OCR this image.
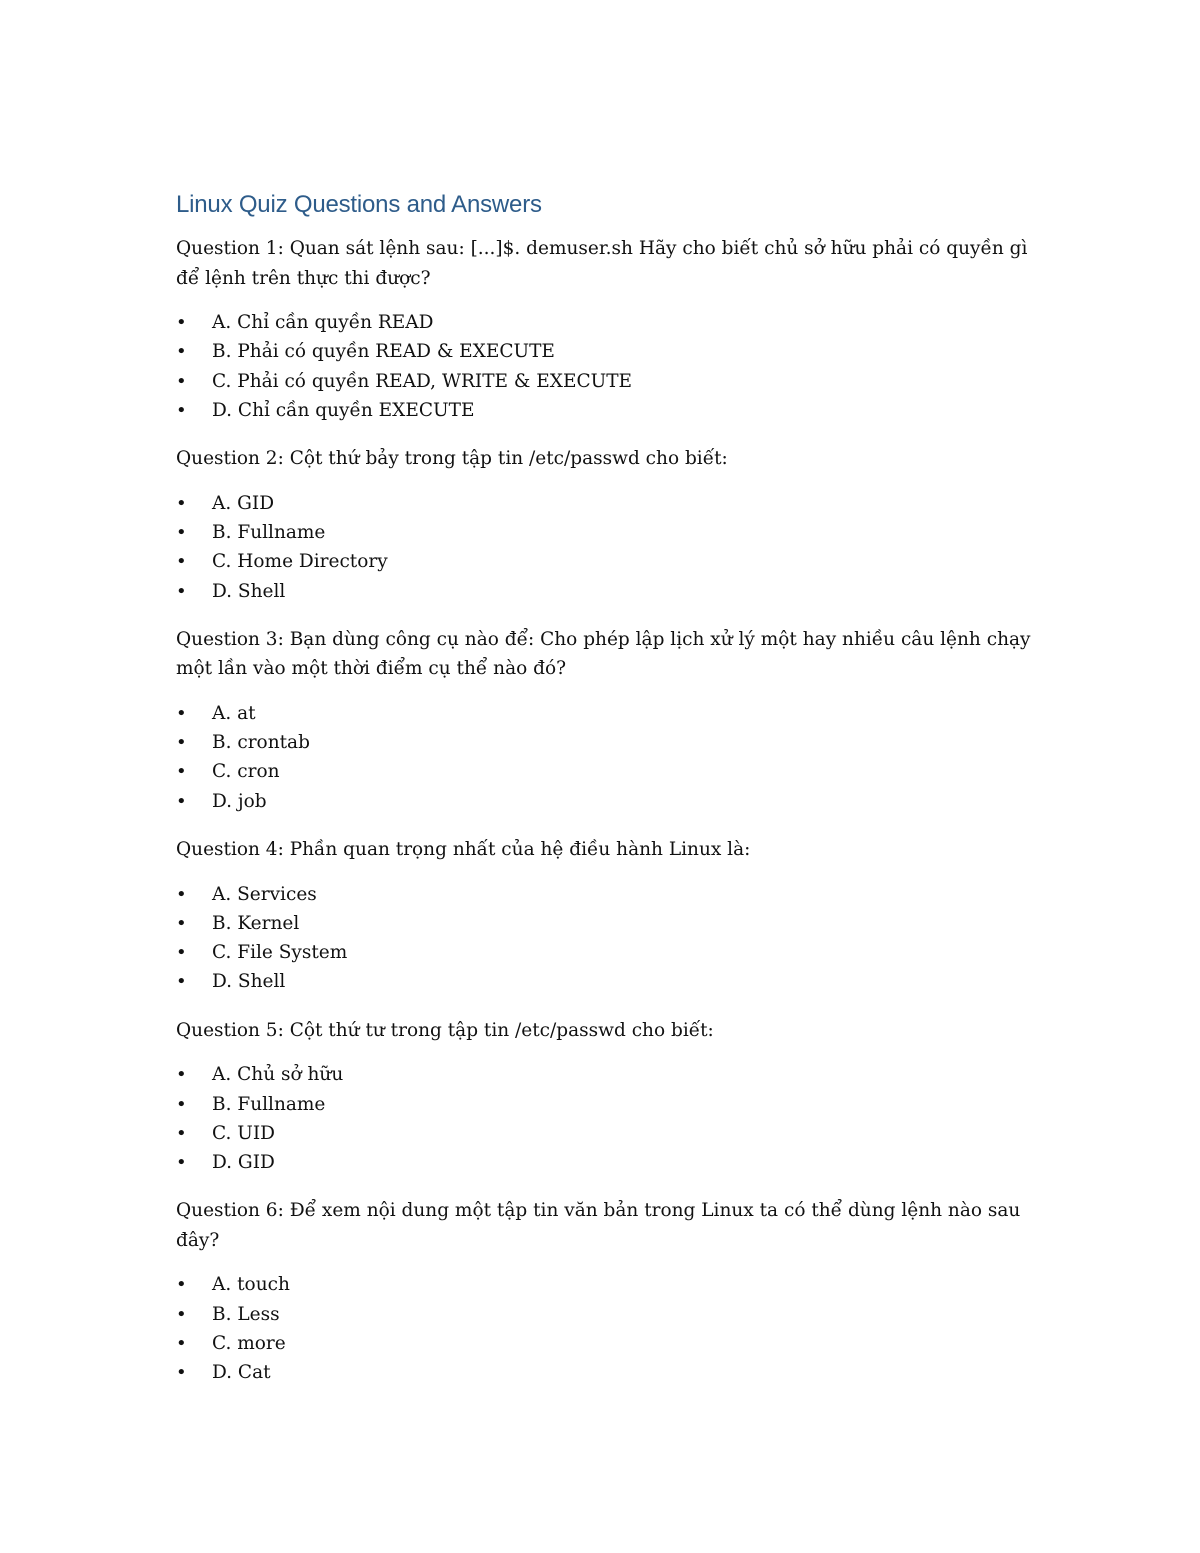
Linux Quiz Questions and Answers

Question 1: Quan sát lệnh sau: [...]$. demuser.sh Hãy cho biết chủ sở hữu phải có quyền gì để lệnh trên thực thi được?

• A. Chỉ cần quyền READ
• B. Phải có quyền READ & EXECUTE
• C. Phải có quyền READ, WRITE & EXECUTE
• D. Chỉ cần quyền EXECUTE

Question 2: Cột thứ bảy trong tập tin /etc/passwd cho biết:

• A. GID
• B. Fullname
• C. Home Directory
• D. Shell

Question 3: Bạn dùng công cụ nào để: Cho phép lập lịch xử lý một hay nhiều câu lệnh chạy một lần vào một thời điểm cụ thể nào đó?

• A. at
• B. crontab
• C. cron
• D. job

Question 4: Phần quan trọng nhất của hệ điều hành Linux là:

• A. Services
• B. Kernel
• C. File System
• D. Shell

Question 5: Cột thứ tư trong tập tin /etc/passwd cho biết:

• A. Chủ sở hữu
• B. Fullname
• C. UID
• D. GID

Question 6: Để xem nội dung một tập tin văn bản trong Linux ta có thể dùng lệnh nào sau đây?

• A. touch
• B. Less
• C. more
• D. Cat
